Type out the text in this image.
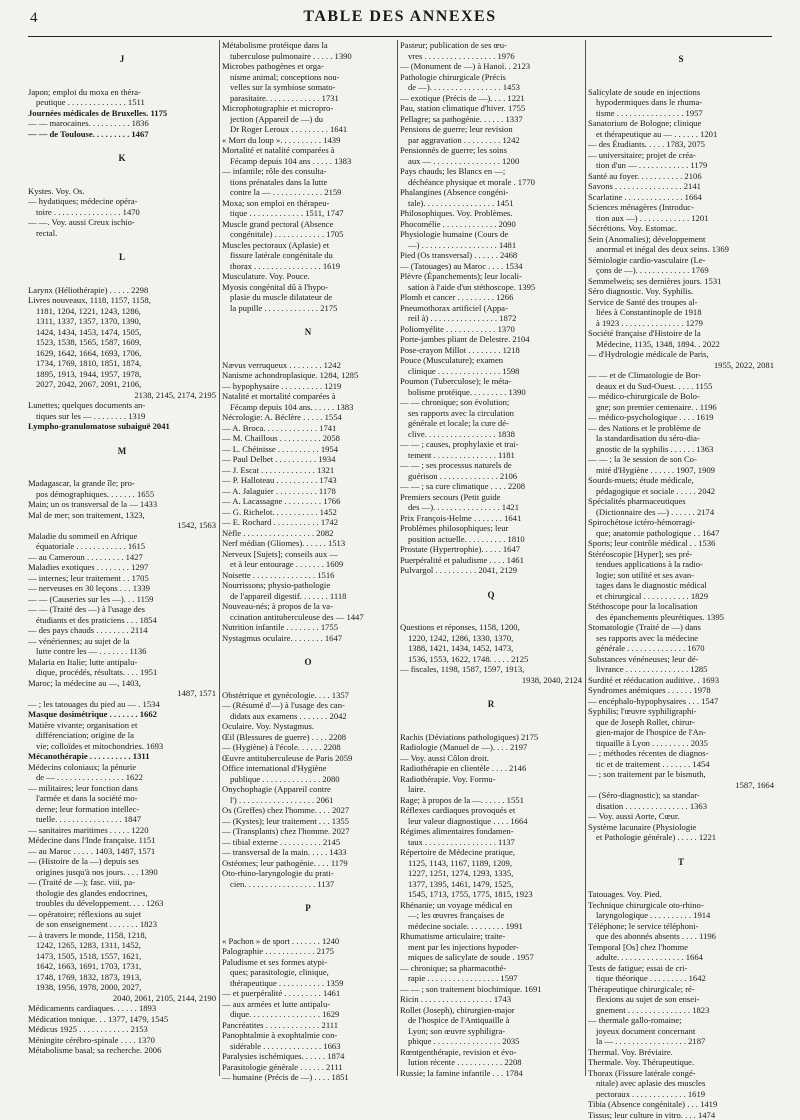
4	TABLE DES ANNEXES
J
Japon; emploi du moxa en théra-
peutique . . . . . . . . . . . . . . 1511
Journées médicales de Bruxelles. 1175
— — marocaines. . . . . . . . . . 1836
— — de Toulouse. . . . . . . . . 1467
K
Kystes. Voy. Os.
— hydatiques; médecine opéra-
toire . . . . . . . . . . . . . . . . 1470
— —. Voy. aussi Creux ischio-
rectal.
L
Larynx (Héliothérapie) . . . . . 2298
Livres nouveaux, 1118, 1157, 1158,
1181, 1204, 1221, 1243, 1286,
1311, 1337, 1357, 1370, 1390,
1424, 1434, 1453, 1474, 1505,
1523, 1538, 1565, 1587, 1609,
1629, 1642, 1664, 1693, 1706,
1734, 1769, 1810, 1851, 1874,
1895, 1913, 1944, 1957, 1978,
2027, 2042, 2067, 2091, 2106,
2138, 2145, 2174, 2195
Lunettes; quelques documents an-
tiques sur les — . . . . . . . . 1319
Lympho-granulomatose subaiguë 2041
M
Madagascar, la grande île; pro-
pos démographiques. . . . . . . 1655
Main; un os transversal de la — 1433
Mal de mer; son traitement, 1323,
1542, 1563
Maladie du sommeil en Afrique
équatoriale . . . . . . . . . . . . 1615
— au Cameroun . . . . . . . . . 1427
Maladies exotiques . . . . . . . . 1297
— internes; leur traitement . . 1705
— nerveuses en 30 leçons . . . 1339
— — (Causeries sur les —). . . 1159
— — (Traité des —) à l'usage des
étudiants et des praticiens . . . 1854
— des pays chauds . . . . . . . . 2114
— vénériennes; au sujet de la
lutte contre les — . . . . . . . 1136
Malaria en Italie; lutte antipalu-
dique, procédés, résultats. . . . 1951
Maroc; la médecine au —, 1403,
1487, 1571
— ; les tatouages du pied au — . 1534
Masque dosimétrique . . . . . . . 1662
Matière vivante; organisation et
différenciation; origine de la
vie; colloïdes et mitochondries. 1693
Mécanothérapie . . . . . . . . . . 1311
Médecins coloniaux; la pénurie
de — . . . . . . . . . . . . . . . . 1622
— militaires; leur fonction dans
l'armée et dans la société mo-
derne; leur formation intellec-
tuelle. . . . . . . . . . . . . . . . 1847
— sanitaires maritimes . . . . . 1220
Médecine dans l'Inde française. 1151
— au Maroc . . . . . 1403, 1487, 1571
— (Histoire de la —) depuis ses
origines jusqu'à nos jours. . . . 1390
— (Traité de —); fasc. viii, pa-
thologie des glandes endocrines,
troubles du développement. . . . 1263
— opératoire; réflexions au sujet
de son enseignement . . . . . . . 1823
— à travers le monde, 1158, 1218,
1242, 1265, 1283, 1311, 1452,
1473, 1505, 1518, 1557, 1621,
1642, 1663, 1691, 1703, 1731,
1748, 1769, 1832, 1873, 1913,
1938, 1956, 1978, 2000, 2027,
2040, 2061, 2105, 2144, 2190
Médicaments cardiaques. . . . . . 1893
Médication tonique. . . 1377, 1479, 1545
Médicus 1925 . . . . . . . . . . . . 2153
Méningite cérébro-spinale . . . . 1370
Métabolisme basal; sa recherche. 2006
Métabolisme protéique dans la
tuberculose pulmonaire . . . . . 1390
Microbes pathogènes et orga-
nisme animal; conceptions nou-
velles sur la symbiose somato-
parasitaire. . . . . . . . . . . . . 1731
Microphotographie et micropro-
jection (Appareil de —) du
Dr Roger Leroux . . . . . . . . . 1641
« Mort du loup ». . . . . . . . . . 1439
Mortalité et natalité comparées à
Fécamp depuis 104 ans . . . . . 1383
— infantile; rôle des consulta-
tions prénatales dans la lutte
contre la — . . . . . . . . . . . . 2159
Moxa; son emploi en thérapeu-
tique . . . . . . . . . . . . . 1511, 1747
Muscle grand pectoral (Absence
congénitale) . . . . . . . . . . . . 1705
Muscles pectoraux (Aplasie) et
fissure latérale congénitale du
thorax . . . . . . . . . . . . . . . . 1619
Musculature. Voy. Pouce.
Myosis congénital dû à l'hypo-
plasie du muscle dilatateur de
la pupille . . . . . . . . . . . . . 2175
N
Nævus verruqueux . . . . . . . . 1242
Nanisme achondroplasique. 1284, 1285
— hypophysaire . . . . . . . . . . 1219
Natalité et mortalité comparées à
Fécamp depuis 104 ans. . . . . . 1383
Nécrologie: A. Béclère . . . . . 1554
— A. Broca. . . . . . . . . . . . . 1741
— M. Chaillous . . . . . . . . . . 2058
— L. Chéinisse . . . . . . . . . . 1954
— Paul Delbet . . . . . . . . . . 1934
— J. Escat . . . . . . . . . . . . . 1321
— P. Halloteau . . . . . . . . . . 1743
— A. Jalaguier . . . . . . . . . . 1178
— A. Lacassagne . . . . . . . . . 1766
— G. Richelot. . . . . . . . . . . 1452
— E. Rochard . . . . . . . . . . . 1742
Nèfle . . . . . . . . . . . . . . . . . 2082
Nerf médian (Gliomes). . . . . . 1513
Nerveux [Sujets]; conseils aux —
et à leur entourage . . . . . . . 1609
Noisette . . . . . . . . . . . . . . . 1516
Nourrissons; physio-pathologie
de l'appareil digestif. . . . . . . 1118
Nouveau-nés; à propos de la va-
ccination antituberculeuse des — 1447
Nutrition infantile . . . . . . . . 1755
Nystagmus oculaire. . . . . . . . 1647
O
Obstétrique et gynécologie. . . . 1357
— (Résumé d'—) à l'usage des can-
didats aux examens . . . . . . . 2042
Oculaire. Voy. Nystagmus.
Œil (Blessures de guerre) . . . . 2208
— (Hygiène) à l'école. . . . . . 2208
Œuvre antituberculeuse de Paris 2059
Office international d'Hygiène
publique . . . . . . . . . . . . . . 2080
Onychophagie (Appareil contre
l') . . . . . . . . . . . . . . . . . . 2061
Os (Greffes) chez l'homme. . . . 2027
— (Kystes); leur traitement . . . 1355
— (Transplants) chez l'homme. 2027
— tibial externe . . . . . . . . . . 2145
— transversal de la main. . . . . 1433
Ostéomes; leur pathogénie. . . . 1179
Oto-rhino-laryngologie du prati-
cien. . . . . . . . . . . . . . . . . 1137
P
« Pachon » de sport . . . . . . . 1240
Palographie . . . . . . . . . . . . 2175
Paludisme et ses formes atypi-
ques; parasitologie, clinique,
thérapeutique . . . . . . . . . . . 1359
— et puerpéralité . . . . . . . . . 1461
— aux armées et lutte antipalu-
dique. . . . . . . . . . . . . . . . . 1629
Pancréatites . . . . . . . . . . . . . 2111
Panophtalmie à exophtalmie con-
sidérable . . . . . . . . . . . . . . 1663
Paralysies ischémiques. . . . . . 1874
Parasitologie générale . . . . . . 2111
— humaine (Précis de —) . . . . 1851
Pasteur; publication de ses œu-
vres . . . . . . . . . . . . . . . . . 1976
— (Monument de —) à Hanoï. . 2123
Pathologie chirurgicale (Précis
de —). . . . . . . . . . . . . . . . . 1453
— exotique (Précis de —). . . . 1221
Pau, station climatique d'hiver. 1755
Pellagre; sa pathogénie. . . . . . 1337
Pensions de guerre; leur revision
par aggravation . . . . . . . . . 1242
Pensionnés de guerre; les soins
aux — . . . . . . . . . . . . . . . . 1200
Pays chauds; les Blancs en —;
déchéance physique et morale . 1770
Phalangines (Absence congéni-
tale). . . . . . . . . . . . . . . . . 1451
Philosophiques. Voy. Problèmes.
Phocomélie . . . . . . . . . . . . . 2090
Physiologie humaine (Cours de
—) . . . . . . . . . . . . . . . . . . 1481
Pied (Os transversal) . . . . . . 2468
— (Tatouages) au Maroc . . . . 1534
Plèvre (Épanchements); leur locali-
sation à l'aide d'un stéthoscope. 1395
Plomb et cancer . . . . . . . . . 1266
Pneumothorax artificiel (Appa-
reil à) . . . . . . . . . . . . . . . . 1872
Poliomyélite . . . . . . . . . . . . 1370
Porte-jambes pliant de Delestre. 2104
Pose-crayon Millot . . . . . . . . 1218
Pouce (Musculature); examen
clinique . . . . . . . . . . . . . . . 1598
Poumon (Tuberculose); le méta-
bolisme protéique. . . . . . . . . 1390
— — chronique; son évolution;
ses rapports avec la circulation
générale et locale; la cure dé-
clive. . . . . . . . . . . . . . . . . 1838
— — ; causes, prophylaxie et trai-
tement . . . . . . . . . . . . . . . 1181
— — ; ses processus naturels de
guérison . . . . . . . . . . . . . . 2106
— — ; sa cure climatique . . . . 2208
Premiers secours (Petit guide
des —). . . . . . . . . . . . . . . . 1421
Prix François-Helme . . . . . . . 1641
Problèmes philosophiques; leur
position actuelle. . . . . . . . . . 1810
Prostate (Hypertrophie). . . . . 1647
Puerpéralité et paludisme . . . . 1461
Pulvargol . . . . . . . . . . 2041, 2129
Q
Questions et réponses, 1158, 1200,
1220, 1242, 1286, 1330, 1370,
1388, 1421, 1434, 1452, 1473,
1536, 1553, 1622, 1748. . . . . 2125
— fiscales, 1198, 1587, 1597, 1913,
1938, 2040, 2124
R
Rachis (Déviations pathologiques) 2175
Radiologie (Manuel de —). . . . 2197
— Voy. aussi Côlon droit.
Radiothérapie en clientèle . . . . 2146
Radiothérapie. Voy. Formu-
laire.
Rage; à propos de la —. . . . . . 1551
Réflexes cardiaques provoqués et
leur valeur diagnostique . . . . 1664
Régimes alimentaires fondamen-
taux . . . . . . . . . . . . . . . . . 1137
Répertoire de Médecine pratique,
1125, 1143, 1167, 1189, 1209,
1227, 1251, 1274, 1293, 1335,
1377, 1395, 1461, 1479, 1525,
1545, 1713, 1755, 1775, 1815, 1923
Rhénanie; un voyage médical en
—; les œuvres françaises de
médecine sociale. . . . . . . . . 1991
Rhumatisme articulaire; traite-
ment par les injections hypoder-
miques de salicylate de soude . 1957
— chronique; sa pharmacothé-
rapie . . . . . . . . . . . . . . . . . 1597
— — ; son traitement biochimique. 1691
Ricin . . . . . . . . . . . . . . . . . 1743
Rollet (Joseph), chirurgien-major
de l'hospice de l'Antiquaille à
Lyon; son œuvre syphiligra-
phique . . . . . . . . . . . . . . . . 2035
Rœntgenthérapie, revision et évo-
lution récente . . . . . . . . . . . 2208
Russie; la famine infantile . . . 1784
S
Salicylate de soude en injections
hypodermiques dans le rhuma-
tisme . . . . . . . . . . . . . . . . 1957
Sanatorium de Bologne; clinique
et thérapeutique au — . . . . . . 1201
— des Étudiants. . . . . 1783, 2075
— universitaire; projet de créa-
tion d'un — . . . . . . . . . . . . 1179
Santé au foyer. . . . . . . . . . . 2106
Savons . . . . . . . . . . . . . . . . 2141
Scarlatine . . . . . . . . . . . . . . 1664
Sciences ménagères (Introduc-
tion aux —) . . . . . . . . . . . . 1201
Sécrétions. Voy. Estomac.
Sein (Anomalies); développement
anormal et inégal des deux seins. 1369
Sémiologie cardio-vasculaire (Le-
çons de —). . . . . . . . . . . . . 1769
Semmelweis; ses dernières jours. 1531
Séro diagnostic. Voy. Syphilis.
Service de Santé des troupes al-
liées à Constantinople de 1918
à 1923 . . . . . . . . . . . . . . . 1279
Société française d'Histoire de la
Médecine, 1135, 1348, 1894. . 2022
— d'Hydrologie médicale de Paris,
1955, 2022, 2081
— — et de Climatologie de Bor-
deaux et du Sud-Ouest. . . . . 1155
— médico-chirurgicale de Bolo-
gne; son premier centenaire. . 1196
— médico-psychologique . . . . 1619
— des Nations et le problème de
la standardisation du séro-dia-
gnostic de la syphilis . . . . . . 1363
— — ; la 3e session de son Co-
mité d'Hygiène . . . . . . 1907, 1909
Sourds-muets; étude médicale,
pédagogique et sociale . . . . . 2042
Spécialités pharmaceutiques
(Dictionnaire des —) . . . . . . 2174
Spirochétose ictéro-hémorragi-
que; anatomie pathologique . . 1647
Sports; leur contrôle médical . . 1536
Stéréoscopie [Hyper]; ses pré-
tendues applications à la radio-
logie; son utilité et ses avan-
tages dans le diagnostic médical
et chirurgical . . . . . . . . . . . 1829
Stéthoscope pour la localisation
des épanchements pleurétiques. 1395
Stomatologie (Traité de —) dans
ses rapports avec la médecine
générale . . . . . . . . . . . . . . 1670
Substances vénéneuses; leur dé-
livrance . . . . . . . . . . . . . . . 1285
Surdité et rééducation auditive. . 1693
Syndromes anémiques . . . . . . 1978
— encéphalo-hypophysaires . . . 1547
Syphilis; l'œuvre syphiligraphi-
que de Joseph Rollet, chirur-
gien-major de l'hospice de l'An-
tiquaille à Lyon . . . . . . . . . 2035
— ; méthodes récentes de diagnos-
tic et de traitement . . . . . . . 1454
— ; son traitement par le bismuth,
1587, 1664
— (Séro-diagnostic); sa standar-
disation . . . . . . . . . . . . . . . 1363
— Voy. aussi Aorte, Cœur.
Système lacunaire (Physiologie
et Pathologie générale) . . . . . 1221
T
Tatouages. Voy. Pied.
Technique chirurgicale oto-rhino-
laryngologique . . . . . . . . . . 1914
Téléphone; le service téléphoni-
que des abonnés absents . . . . 1196
Temporal [Os] chez l'homme
adulte. . . . . . . . . . . . . . . . 1664
Tests de fatigue; essai de cri-
tique théorique . . . . . . . . . 1642
Thérapeutique chirurgicale; ré-
flexions au sujet de son ensei-
gnement . . . . . . . . . . . . . . . 1823
— thermale gallo-romaine;
joyeux document concernant
la — . . . . . . . . . . . . . . . . . 2187
Thermal. Voy. Bréviaire.
Thermale. Voy. Thérapeutique.
Thorax (Fissure latérale congé-
nitale) avec aplasie des muscles
pectoraux . . . . . . . . . . . . . 1619
Tibia (Absence congénitale) . . . 1419
Tissus; leur culture in vitro. . . . 1474
